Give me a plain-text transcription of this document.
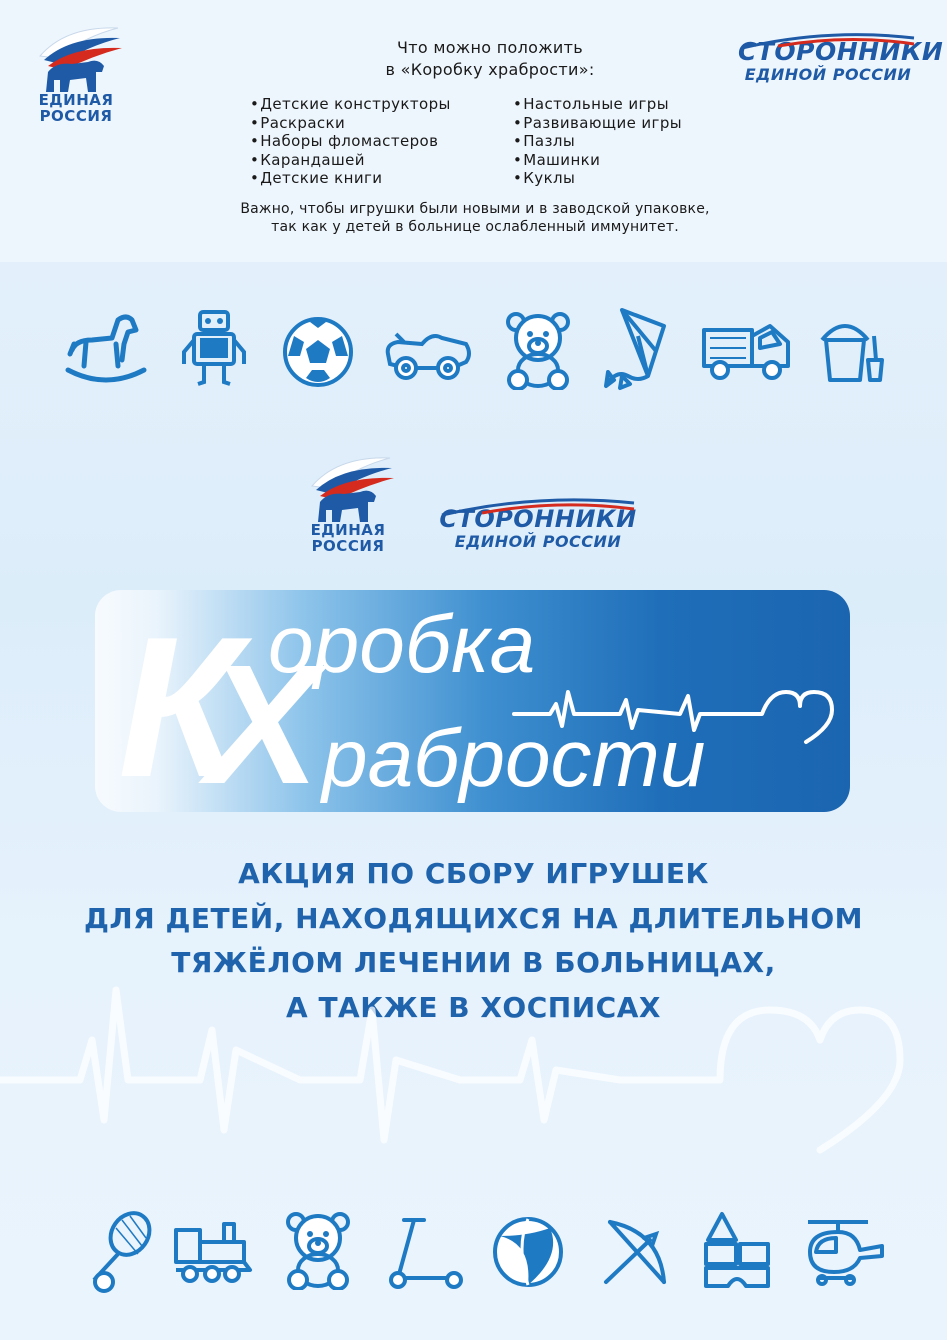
ЕДИНАЯ
РОССИЯ
СТОРОННИКИ
ЕДИНОЙ РОССИИ
Что можно положить
в «Коробку храбрости»:
• Детские конструкторы
• Раскраски
• Наборы фломастеров
• Карандашей
• Детские книги
• Настольные игры
• Развивающие игры
• Пазлы
• Машинки
• Куклы
Важно, чтобы игрушки были новыми и в заводской упаковке,
так как у детей в больнице ослабленный иммунитет.
ЕДИНАЯ
РОССИЯ
СТОРОННИКИ
ЕДИНОЙ РОССИИ
К оробка
Х рабрости
АКЦИЯ ПО СБОРУ ИГРУШЕК
ДЛЯ ДЕТЕЙ, НАХОДЯЩИХСЯ НА ДЛИТЕЛЬНОМ
ТЯЖЁЛОМ ЛЕЧЕНИИ В БОЛЬНИЦАХ,
А ТАКЖЕ В ХОСПИСАХ
